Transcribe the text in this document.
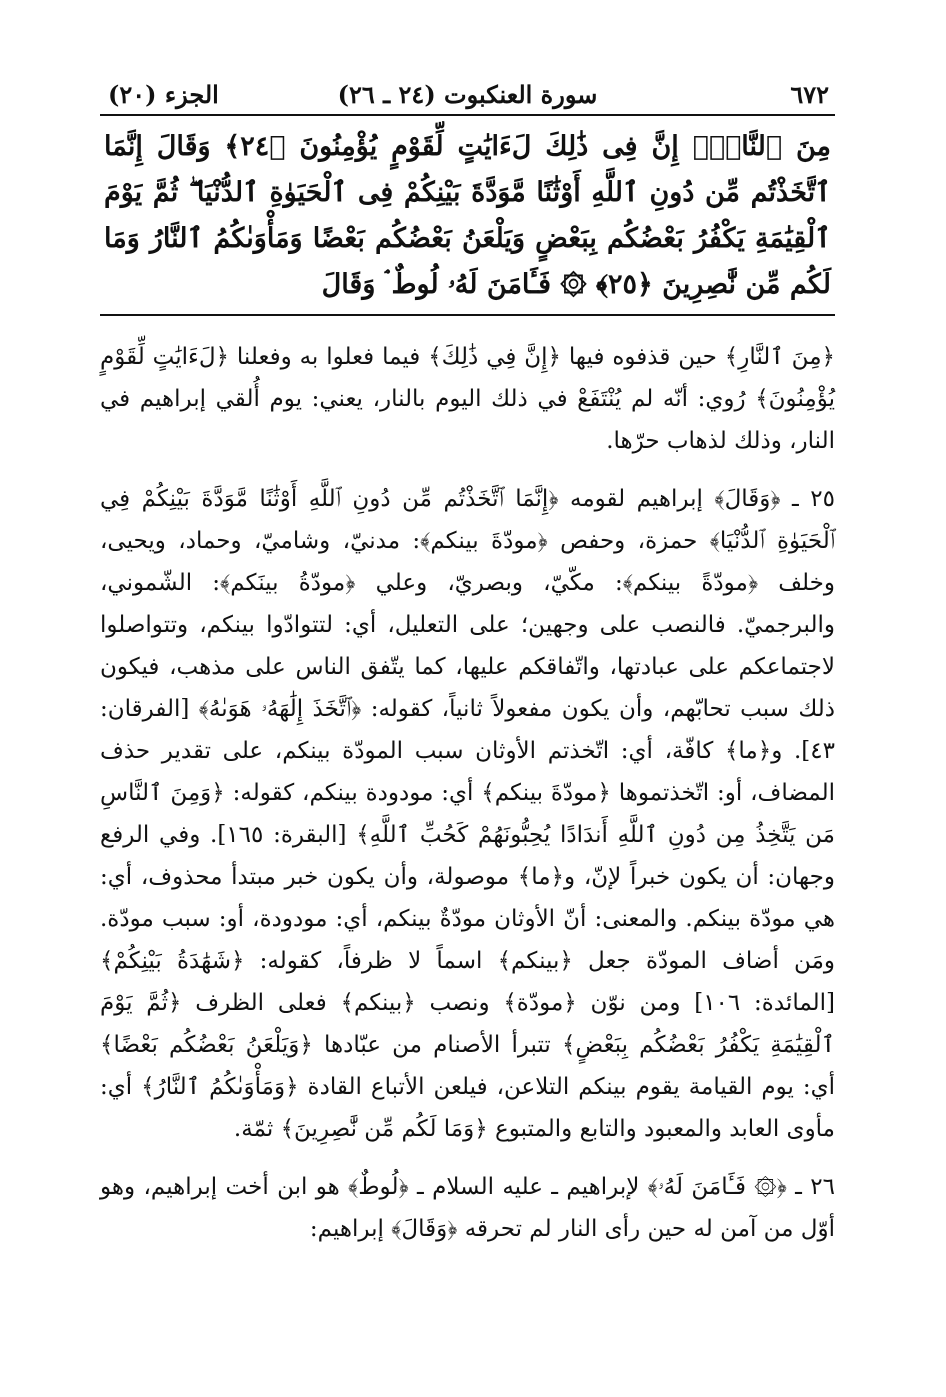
٦٧٢
سورة العنكبوت (٢٤ ـ ٢٦)
الجزء (٢٠)

مِنَ ٱلنَّارِۚ إِنَّ فِى ذَٰلِكَ لَءَايَٰتٍ لِّقَوْمٍ يُؤْمِنُونَ ﴿٢٤﴾ وَقَالَ إِنَّمَا ٱتَّخَذْتُم مِّن دُونِ ٱللَّهِ أَوْثَٰنًا مَّوَدَّةَ بَيْنِكُمْ فِى ٱلْحَيَوٰةِ ٱلدُّنْيَا ۖ ثُمَّ يَوْمَ ٱلْقِيَٰمَةِ يَكْفُرُ بَعْضُكُم بِبَعْضٍ وَيَلْعَنُ بَعْضُكُم بَعْضًا وَمَأْوَىٰكُمُ ٱلنَّارُ وَمَا لَكُم مِّن نَّٰصِرِينَ ﴿٢٥﴾ ۞ فَـَٔامَنَ لَهُۥ لُوطٌ ۘ وَقَالَ

﴿مِنَ ٱلنَّارِ﴾ حين قذفوه فيها ﴿إِنَّ فِي ذَٰلِكَ﴾ فيما فعلوا به وفعلنا ﴿لَءَايَٰتٍ لِّقَوْمٍ يُؤْمِنُونَ﴾ رُوي: أنّه لم يُنْتَفَعْ في ذلك اليوم بالنار، يعني: يوم أُلقي إبراهيم في النار، وذلك لذهاب حرّها.

٢٥ ـ ﴿وَقَالَ﴾ إبراهيم لقومه ﴿إِنَّمَا ٱتَّخَذْتُم مِّن دُونِ ٱللَّهِ أَوْثَٰنًا مَّوَدَّةَ بَيْنِكُمْ فِي ٱلْحَيَوٰةِ ٱلدُّنْيَا﴾ حمزة، وحفص ﴿مودّةَ بينكم﴾: مدنيّ، وشاميّ، وحماد، ويحيى، وخلف ﴿مودّةً بينكم﴾: مكّيّ، وبصريّ، وعلي ﴿مودّةُ بينَكم﴾: الشّموني، والبرجميّ. فالنصب على وجهين؛ على التعليل، أي: لتتوادّوا بينكم، وتتواصلوا لاجتماعكم على عبادتها، واتّفاقكم عليها، كما يتّفق الناس على مذهب، فيكون ذلك سبب تحابّهم، وأن يكون مفعولاً ثانياً، كقوله: ﴿ٱتَّخَذَ إِلَٰهَهُۥ هَوَىٰهُ﴾ [الفرقان: ٤٣]. و﴿ما﴾ كافّة، أي: اتّخذتم الأوثان سبب المودّة بينكم، على تقدير حذف المضاف، أو: اتّخذتموها ﴿مودّةَ بينكم﴾ أي: مودودة بينكم، كقوله: ﴿وَمِنَ ٱلنَّاسِ مَن يَتَّخِذُ مِن دُونِ ٱللَّهِ أَندَادًا يُحِبُّونَهُمْ كَحُبِّ ٱللَّهِ﴾ [البقرة: ١٦٥]. وفي الرفع وجهان: أن يكون خبراً لإنّ، و﴿ما﴾ موصولة، وأن يكون خبر مبتدأ محذوف، أي: هي مودّة بينكم. والمعنى: أنّ الأوثان مودّةٌ بينكم، أي: مودودة، أو: سبب مودّة. ومَن أضاف المودّة جعل ﴿بينكم﴾ اسماً لا ظرفاً، كقوله: ﴿شَهَٰدَةُ بَيْنِكُمْ﴾ [المائدة: ١٠٦] ومن نوّن ﴿مودّة﴾ ونصب ﴿بينكم﴾ فعلى الظرف ﴿ثُمَّ يَوْمَ ٱلْقِيَٰمَةِ يَكْفُرُ بَعْضُكُم بِبَعْضٍ﴾ تتبرأ الأصنام من عبّادها ﴿وَيَلْعَنُ بَعْضُكُم بَعْضًا﴾ أي: يوم القيامة يقوم بينكم التلاعن، فيلعن الأتباع القادة ﴿وَمَأْوَىٰكُمُ ٱلنَّارُ﴾ أي: مأوى العابد والمعبود والتابع والمتبوع ﴿وَمَا لَكُم مِّن نَّٰصِرِينَ﴾ ثمّة.

٢٦ ـ ﴿۞ فَـَٔامَنَ لَهُۥ﴾ لإبراهيم ـ عليه السلام ـ ﴿لُوطٌ﴾ هو ابن أخت إبراهيم، وهو أوّل من آمن له حين رأى النار لم تحرقه ﴿وَقَالَ﴾ إبراهيم:
